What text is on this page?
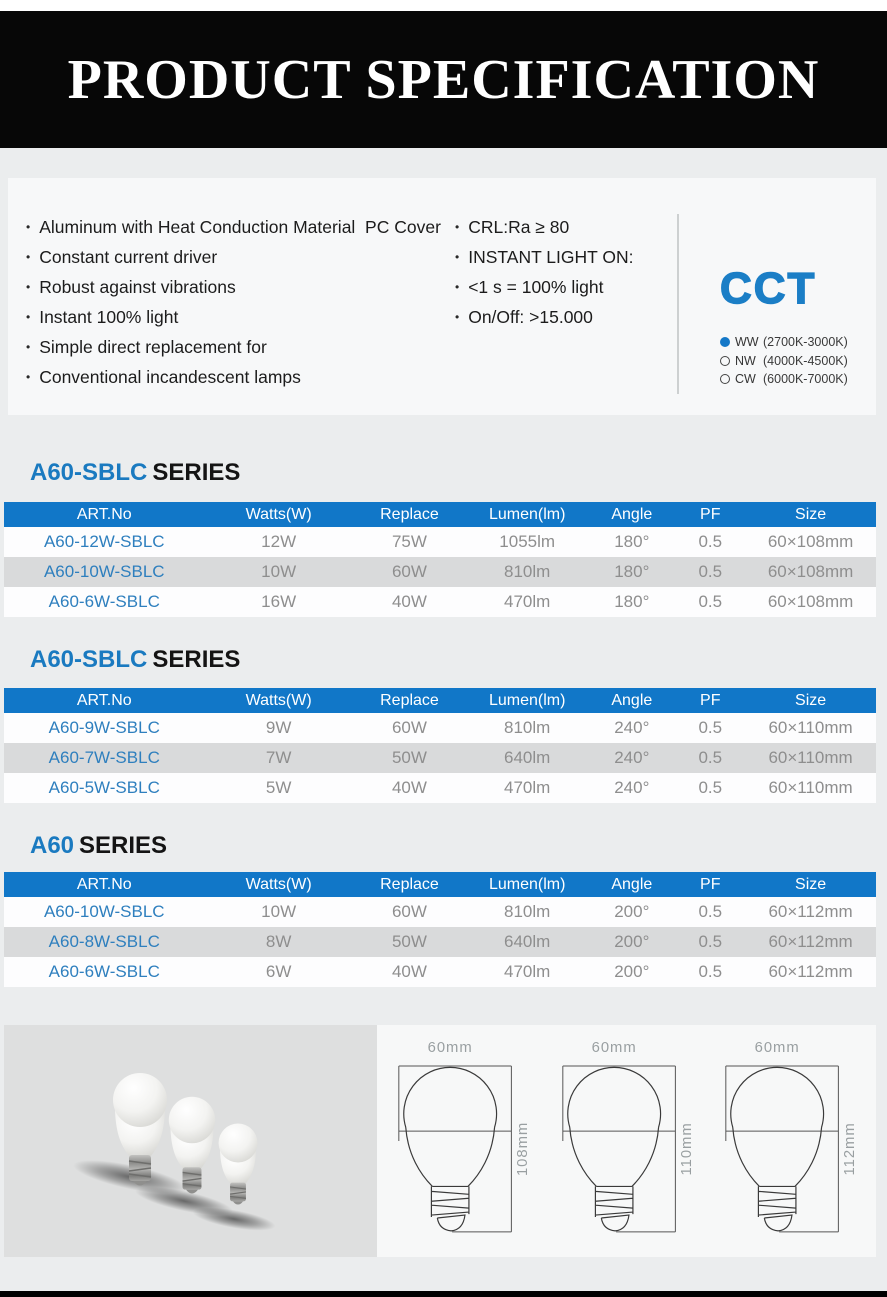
PRODUCT SPECIFICATION
• Aluminum with Heat Conduction Material  PC Cover
• Constant current driver
• Robust against vibrations
• Instant 100% light
• Simple direct replacement for
• Conventional incandescent lamps
• CRL:Ra ≥ 80
• INSTANT LIGHT ON:
• <1 s = 100% light
• On/Off: >15.000
CCT
WW (2700K-3000K)
NW (4000K-4500K)
CW (6000K-7000K)
A60-SBLC SERIES
ART.No	Watts(W)	Replace	Lumen(lm)	Angle	PF	Size
A60-12W-SBLC	12W	75W	1055lm	180°	0.5	60×108mm
A60-10W-SBLC	10W	60W	810lm	180°	0.5	60×108mm
A60-6W-SBLC	16W	40W	470lm	180°	0.5	60×108mm
A60-SBLC SERIES
ART.No	Watts(W)	Replace	Lumen(lm)	Angle	PF	Size
A60-9W-SBLC	9W	60W	810lm	240°	0.5	60×110mm
A60-7W-SBLC	7W	50W	640lm	240°	0.5	60×110mm
A60-5W-SBLC	5W	40W	470lm	240°	0.5	60×110mm
A60 SERIES
ART.No	Watts(W)	Replace	Lumen(lm)	Angle	PF	Size
A60-10W-SBLC	10W	60W	810lm	200°	0.5	60×112mm
A60-8W-SBLC	8W	50W	640lm	200°	0.5	60×112mm
A60-6W-SBLC	6W	40W	470lm	200°	0.5	60×112mm
60mm
108mm
60mm
110mm
60mm
112mm
